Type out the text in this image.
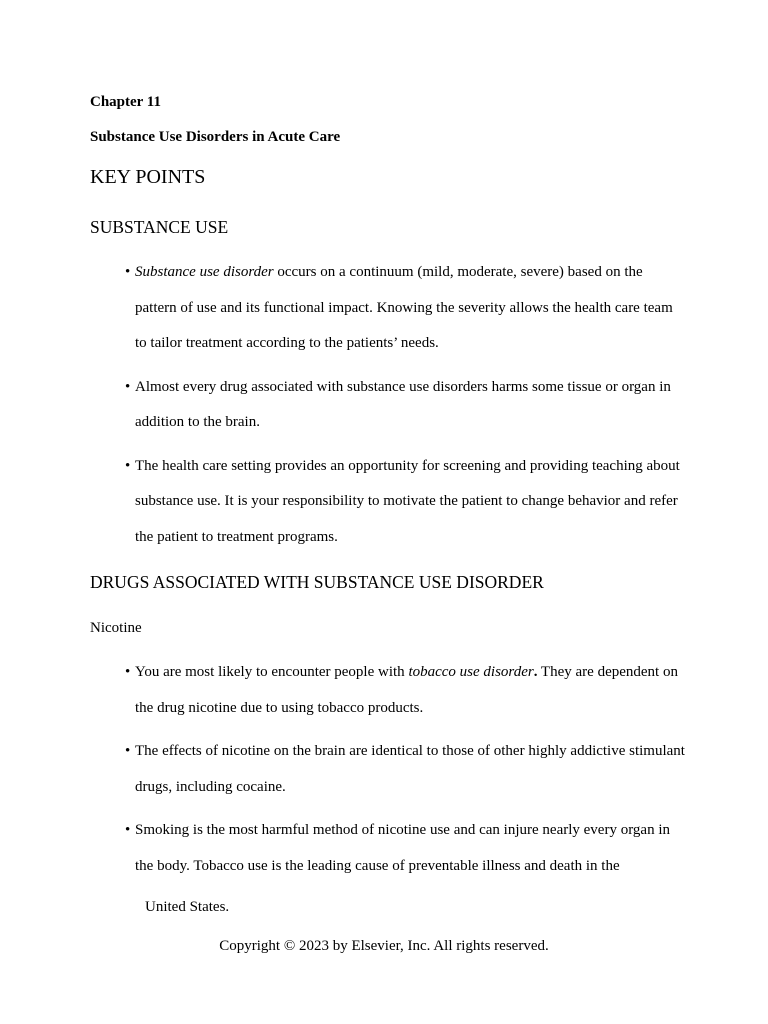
Chapter 11

Substance Use Disorders in Acute Care

KEY POINTS
SUBSTANCE USE
• Substance use disorder occurs on a continuum (mild, moderate, severe) based on the pattern of use and its functional impact. Knowing the severity allows the health care team to tailor treatment according to the patients’ needs.
• Almost every drug associated with substance use disorders harms some tissue or organ in addition to the brain.
• The health care setting provides an opportunity for screening and providing teaching about substance use. It is your responsibility to motivate the patient to change behavior and refer the patient to treatment programs.
DRUGS ASSOCIATED WITH SUBSTANCE USE DISORDER

Nicotine

• You are most likely to encounter people with tobacco use disorder. They are dependent on the drug nicotine due to using tobacco products.
• The effects of nicotine on the brain are identical to those of other highly addictive stimulant drugs, including cocaine.
• Smoking is the most harmful method of nicotine use and can injure nearly every organ in the body. Tobacco use is the leading cause of preventable illness and death in the

United States.

Copyright © 2023 by Elsevier, Inc. All rights reserved.
